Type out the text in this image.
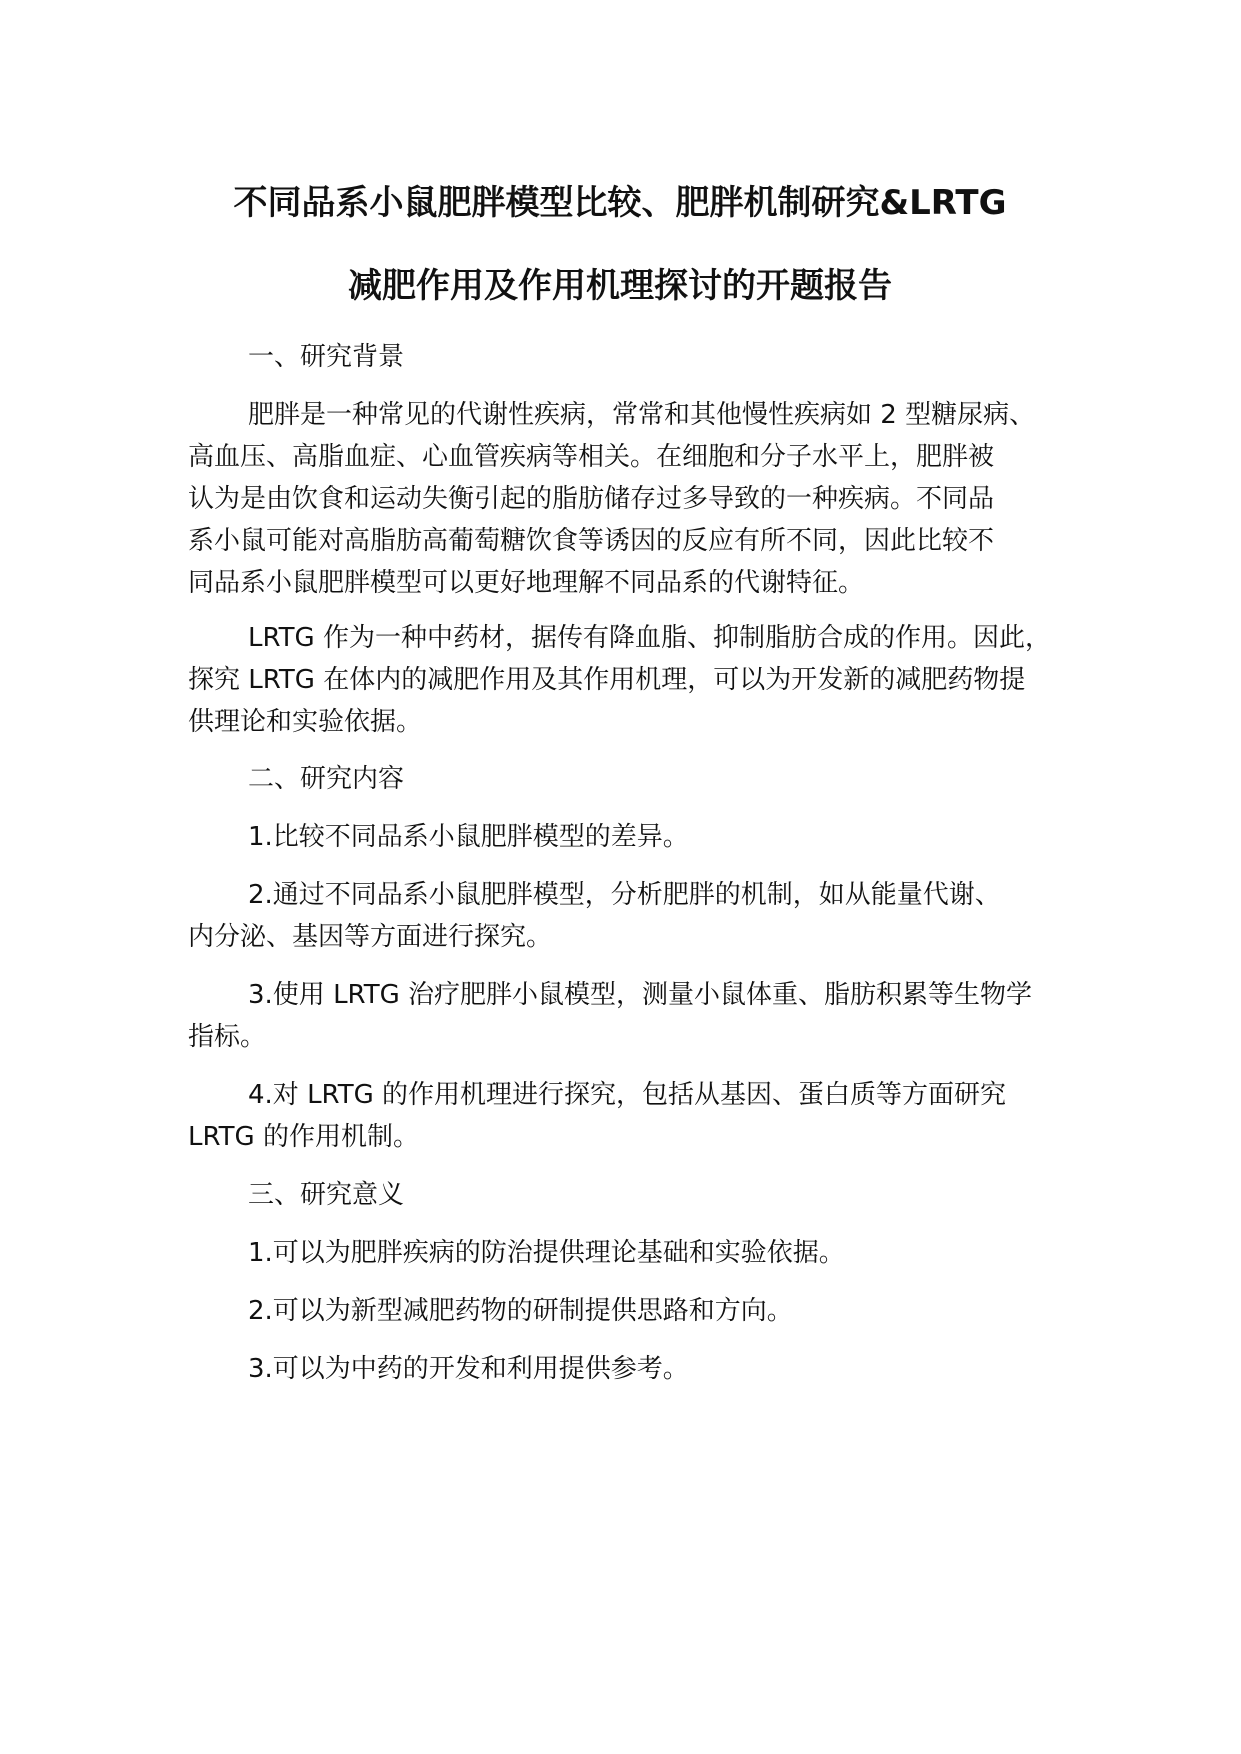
不同品系小鼠肥胖模型比较、肥胖机制研究&LRTG
减肥作用及作用机理探讨的开题报告
一、研究背景
肥胖是一种常见的代谢性疾病，常常和其他慢性疾病如 2 型糖尿病、
高血压、高脂血症、心血管疾病等相关。在细胞和分子水平上，肥胖被
认为是由饮食和运动失衡引起的脂肪储存过多导致的一种疾病。不同品
系小鼠可能对高脂肪高葡萄糖饮食等诱因的反应有所不同，因此比较不
同品系小鼠肥胖模型可以更好地理解不同品系的代谢特征。
LRTG 作为一种中药材，据传有降血脂、抑制脂肪合成的作用。因此，
探究 LRTG 在体内的减肥作用及其作用机理，可以为开发新的减肥药物提
供理论和实验依据。
二、研究内容
1.比较不同品系小鼠肥胖模型的差异。
2.通过不同品系小鼠肥胖模型，分析肥胖的机制，如从能量代谢、
内分泌、基因等方面进行探究。
3.使用 LRTG 治疗肥胖小鼠模型，测量小鼠体重、脂肪积累等生物学
指标。
4.对 LRTG 的作用机理进行探究，包括从基因、蛋白质等方面研究
LRTG 的作用机制。
三、研究意义
1.可以为肥胖疾病的防治提供理论基础和实验依据。
2.可以为新型减肥药物的研制提供思路和方向。
3.可以为中药的开发和利用提供参考。
